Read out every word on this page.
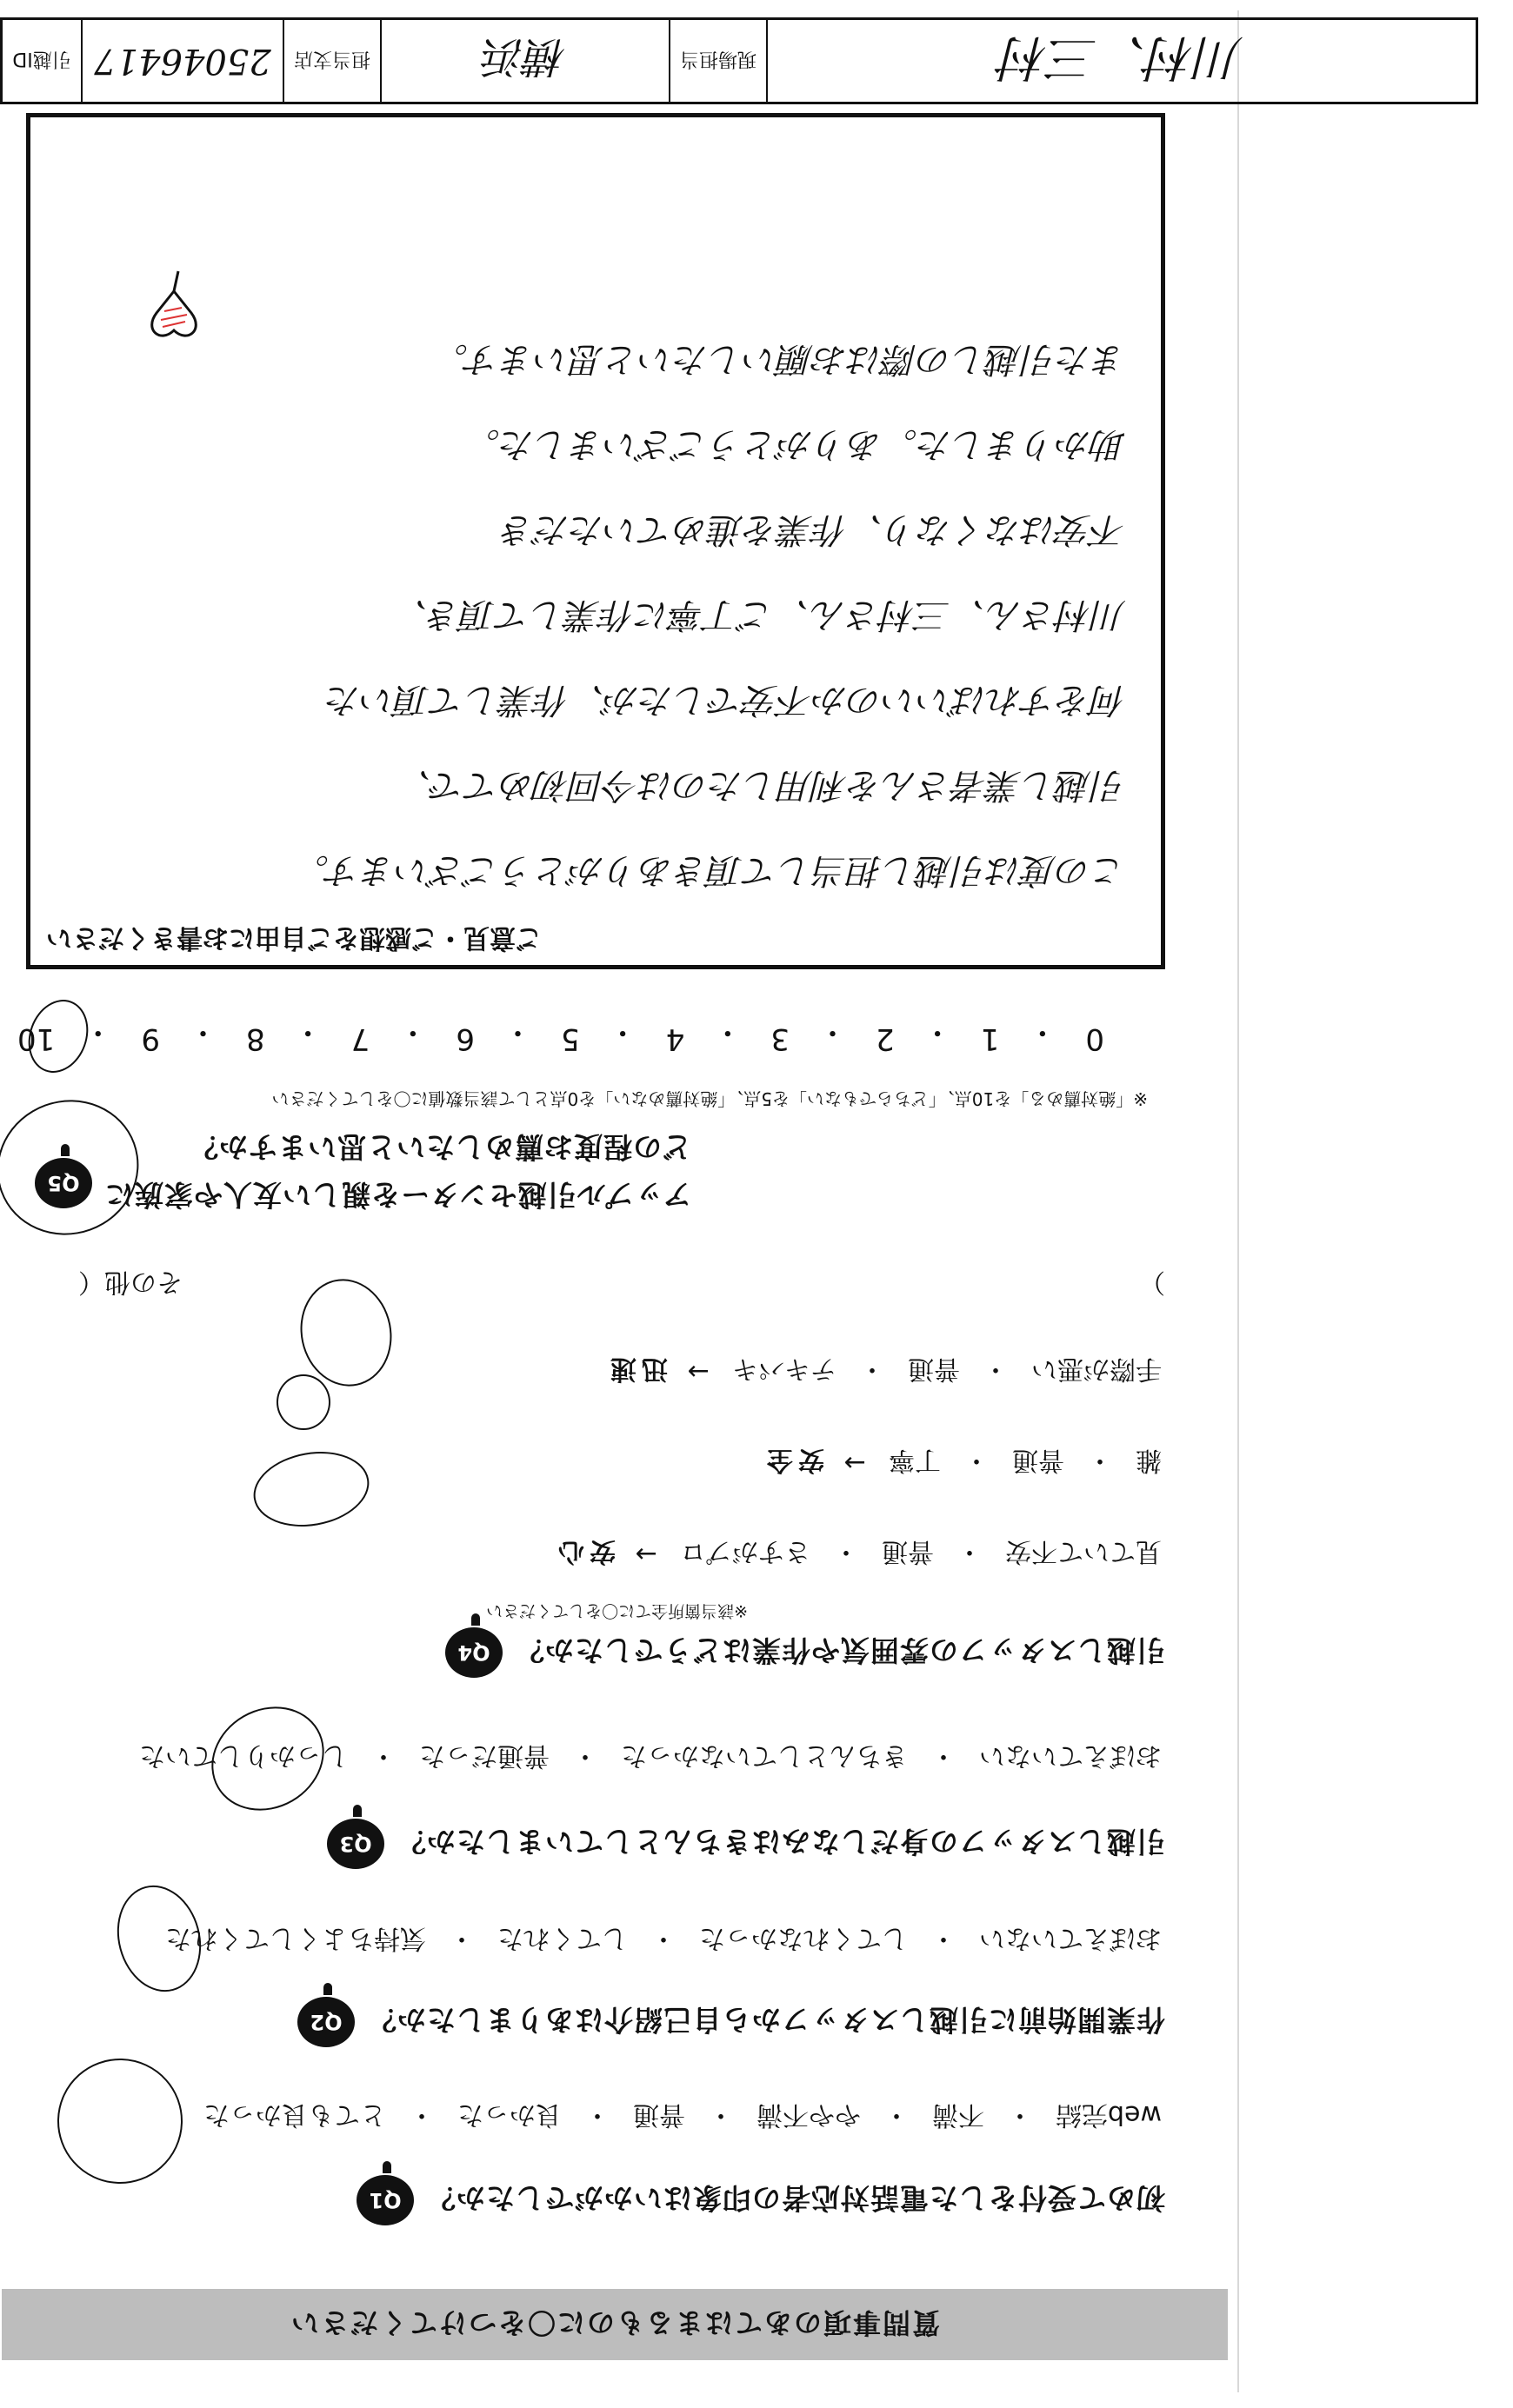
質問事項のあてはまるものに〇をつけてください
Q1 初めて受付をした電話対応者の印象はいかがでしたか？
とても良かった ・ 良かった ・ 普通 ・ やや不満 ・ 不満 ・ web完結
Q2 作業開始前に引越しスタッフから自己紹介はありましたか？
気持ちよくしてくれた ・ してくれた ・ してくれなかった ・ おぼえていない
Q3 引越しスタッフの身だしなみはきちんとしていましたか？
しっかりしていた ・ 普通だった ・ きちんとしていなかった ・ おぼえていない
Q4 引越しスタッフの雰囲気や作業はどうでしたか？
※該当箇所全てに〇をしてください
安心 → さすがプロ ・ 普通 ・ 見ていて不安
安全 → 丁寧 ・ 普通 ・ 雑
迅速 → テキパキ ・ 普通 ・ 手際が悪い
その他（	）
Q5 アップル引越センターを親しい友人や家族に
どの程度お薦めしたいと思いますか？
※「絶対薦める」を10点、「どちらでもない」を5点、「絶対薦めない」を0点として該当数値に〇をしてください
10 ・ 9 ・ 8 ・ 7 ・ 6 ・ 5 ・ 4 ・ 3 ・ 2 ・ 1 ・ 0
ご意見・ご感想をご自由にお書きください
この度は引越し担当して頂きありがとうございます。
引越し業者さんを利用したのは今回初めてで、
何をすればいいのか不安でしたが、作業して頂いた
川村さん、三村さん、ご丁寧に作業して頂き、
不安はなくなり、作業を進めていただき
助かりました。ありがとうございました。
また引越しの際はお願いしたいと思います。
引越ID 25046417 担当支店	横浜	現場担当	川村、三村
